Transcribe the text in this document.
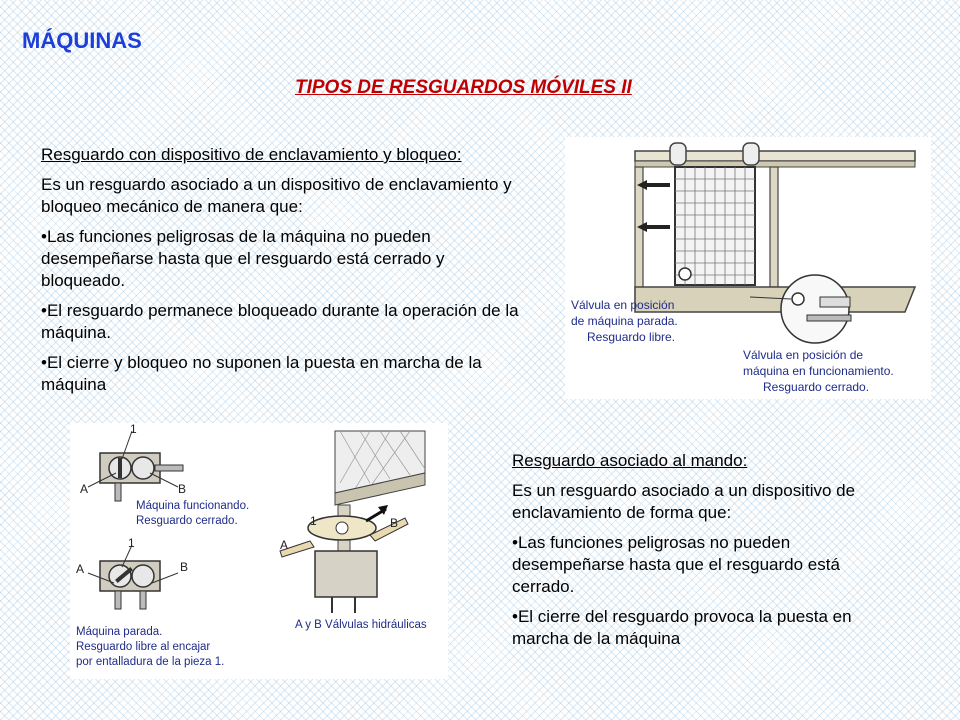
MÁQUINAS
TIPOS DE RESGUARDOS MÓVILES II

Resguardo con dispositivo de enclavamiento y bloqueo:

Es un resguardo asociado a un dispositivo de enclavamiento y bloqueo mecánico de manera que:

•Las funciones peligrosas de la máquina no pueden desempeñarse hasta que el resguardo está cerrado y bloqueado.

•El resguardo permanece bloqueado durante la operación de la máquina.

•El cierre y bloqueo no suponen la puesta en marcha de la máquina

Resguardo asociado al mando:

Es un resguardo asociado a un dispositivo de enclavamiento de forma que:

•Las funciones peligrosas no pueden desempeñarse hasta que el resguardo está cerrado.

•El cierre del resguardo provoca la puesta en marcha de la máquina

Válvula en posición
de máquina parada.
Resguardo libre.
Válvula en posición de
máquina en funcionamiento.
Resguardo cerrado.
1
A	B
1
A	B
1
A
B
Máquina funcionando.
Resguardo cerrado.
Máquina parada.
Resguardo libre al encajar
por entalladura de la pieza 1.
A y B Válvulas hidráulicas
